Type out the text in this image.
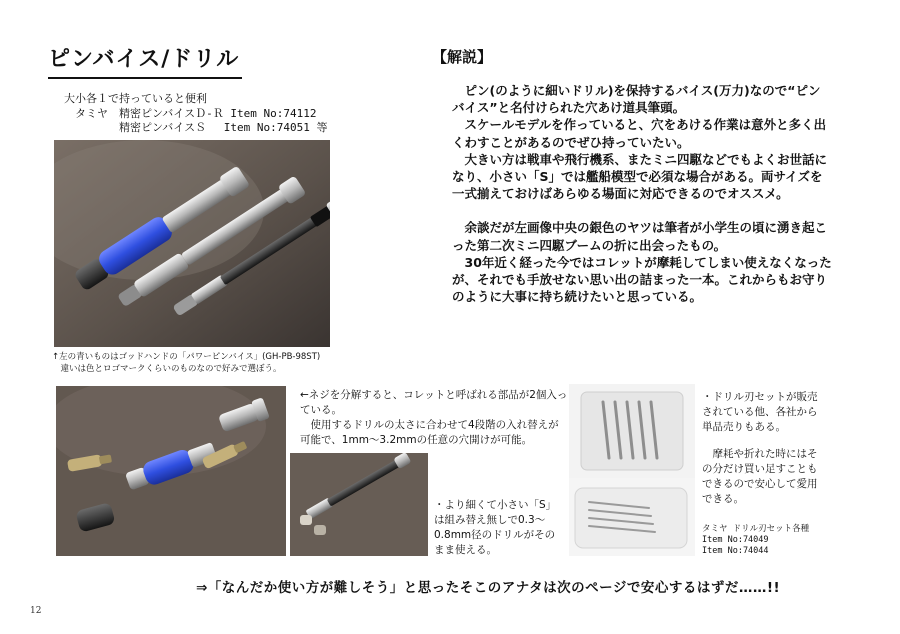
ピンバイス/ドリル
大小各１で持っていると便利
　タミヤ　精密ピンバイスＤ-Ｒ Item No:74112
　　　　　精密ピンバイスＳ　 Item No:74051 等
↑左の青いものはゴッドハンドの「パワーピンバイス」(GH-PB-98ST)
　違いは色とロゴマークくらいのものなので好みで選ぼう。
【解説】

ピン(のように細いドリル)を保持するバイス(万力)なので“ピンバイス”と名付けられた穴あけ道具筆頭。

スケールモデルを作っていると、穴をあける作業は意外と多く出くわすことがあるのでぜひ持っていたい。

大きい方は戦車や飛行機系、またミニ四駆などでもよくお世話になり、小さい「S」では艦船模型で必須な場合がある。両サイズを一式揃えておけばあらゆる場面に対応できるのでオススメ。

余談だが左画像中央の銀色のヤツは筆者が小学生の頃に湧き起こった第二次ミニ四駆ブームの折に出会ったもの。

30年近く経った今ではコレットが摩耗してしまい使えなくなったが、それでも手放せない思い出の詰まった一本。これからもお守りのように大事に持ち続けたいと思っている。

←ネジを分解すると、コレットと呼ばれる部品が2個入っている。

使用するドリルの太さに合わせて4段階の入れ替えが可能で、1mm～3.2mmの任意の穴開けが可能。

・より細くて小さい「S」は組み替え無しで0.3～0.8mm径のドリルがそのまま使える。

・ドリル刃セットが販売されている他、各社から単品売りもある。

摩耗や折れた時にはその分だけ買い足すこともできるので安心して愛用できる。

タミヤ ドリル刃セット各種
Item No:74049
Item No:74044
⇒「なんだか使い方が難しそう」と思ったそこのアナタは次のページで安心するはずだ……!!
12
